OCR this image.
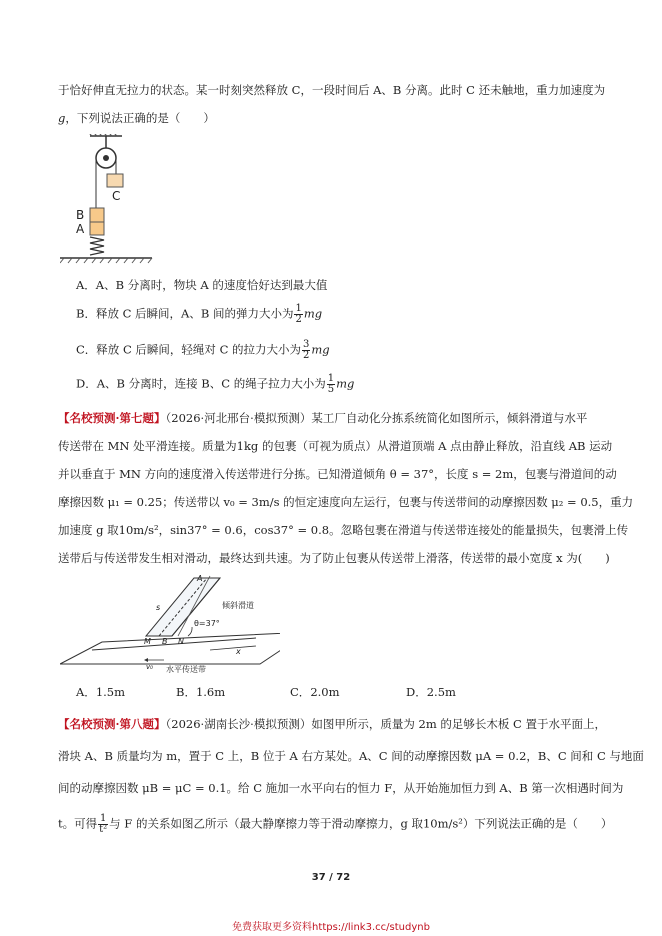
于恰好伸直无拉力的状态。某一时刻突然释放 C，一段时间后 A、B 分离。此时 C 还未触地，重力加速度为
g，下列说法正确的是（　　）
C
B
A
A．A、B 分离时，物块 A 的速度恰好达到最大值
B．释放 C 后瞬间，A、B 间的弹力大小为 $\frac{1}{2}$ mg
C．释放 C 后瞬间，轻绳对 C 的拉力大小为 $\frac{3}{2}$ mg
D．A、B 分离时，连接 B、C 的绳子拉力大小为 $\frac{1}{5}$ mg
【名校预测·第七题】（2026·河北邢台·模拟预测）某工厂自动化分拣系统简化如图所示，倾斜滑道与水平
传送带在 MN 处平滑连接。质量为1kg 的包裹（可视为质点）从滑道顶端 A 点由静止释放，沿直线 AB 运动
并以垂直于 MN 方向的速度滑入传送带进行分拣。已知滑道倾角 θ = 37°，长度 s = 2m，包裹与滑道间的动
摩擦因数 μ₁ = 0.25；传送带以 v₀ = 3m/s 的恒定速度向左运行，包裹与传送带间的动摩擦因数 μ₂ = 0.5，重力
加速度 g 取10m/s²，sin37° = 0.6，cos37° = 0.8。忽略包裹在滑道与传送带连接处的能量损失，包裹滑上传
送带后与传送带发生相对滑动，最终达到共速。为了防止包裹从传送带上滑落，传送带的最小宽度 x 为(　　)
A
s	倾斜滑道
θ=37°
M B N
x
v₀ 水平传送带
A．1.5m	B．1.6m	C．2.0m	D．2.5m
【名校预测·第八题】（2026·湖南长沙·模拟预测）如图甲所示，质量为 2m 的足够长木板 C 置于水平面上，
滑块 A、B 质量均为 m，置于 C 上，B 位于 A 右方某处。A、C 间的动摩擦因数 μA = 0.2，B、C 间和 C 与地面
间的动摩擦因数 μB = μC = 0.1。给 C 施加一水平向右的恒力 F，从开始施加恒力到 A、B 第一次相遇时间为
t。可得 $\frac{1}{\text{t²}}$ 与 F 的关系如图乙所示（最大静摩擦力等于滑动摩擦力，g 取10m/s²）下列说法正确的是（　　）
37 / 72
免费获取更多资料https://link3.cc/studynb
